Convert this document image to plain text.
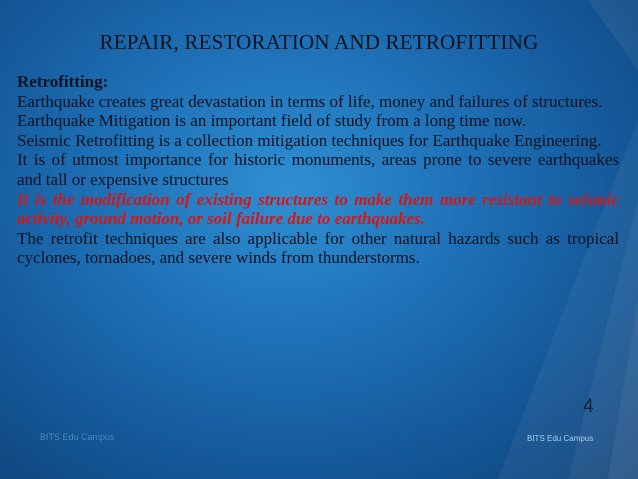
REPAIR, RESTORATION AND RETROFITTING

Retrofitting:

Earthquake creates great devastation in terms of life, money and failures of structures.

Earthquake Mitigation is an important field of study from a long time now.

Seismic Retrofitting is a collection mitigation techniques for Earthquake Engineering.

It is of utmost importance for historic monuments, areas prone to severe earthquakes and tall or expensive structures

It is the modification of existing structures to make them more resistant to seismic activity, ground motion, or soil failure due to earthquakes.

The retrofit techniques are also applicable for other natural hazards such as tropical cyclones, tornadoes, and severe winds from thunderstorms.

4
BITS Edu Campus	BITS Edu Campus
